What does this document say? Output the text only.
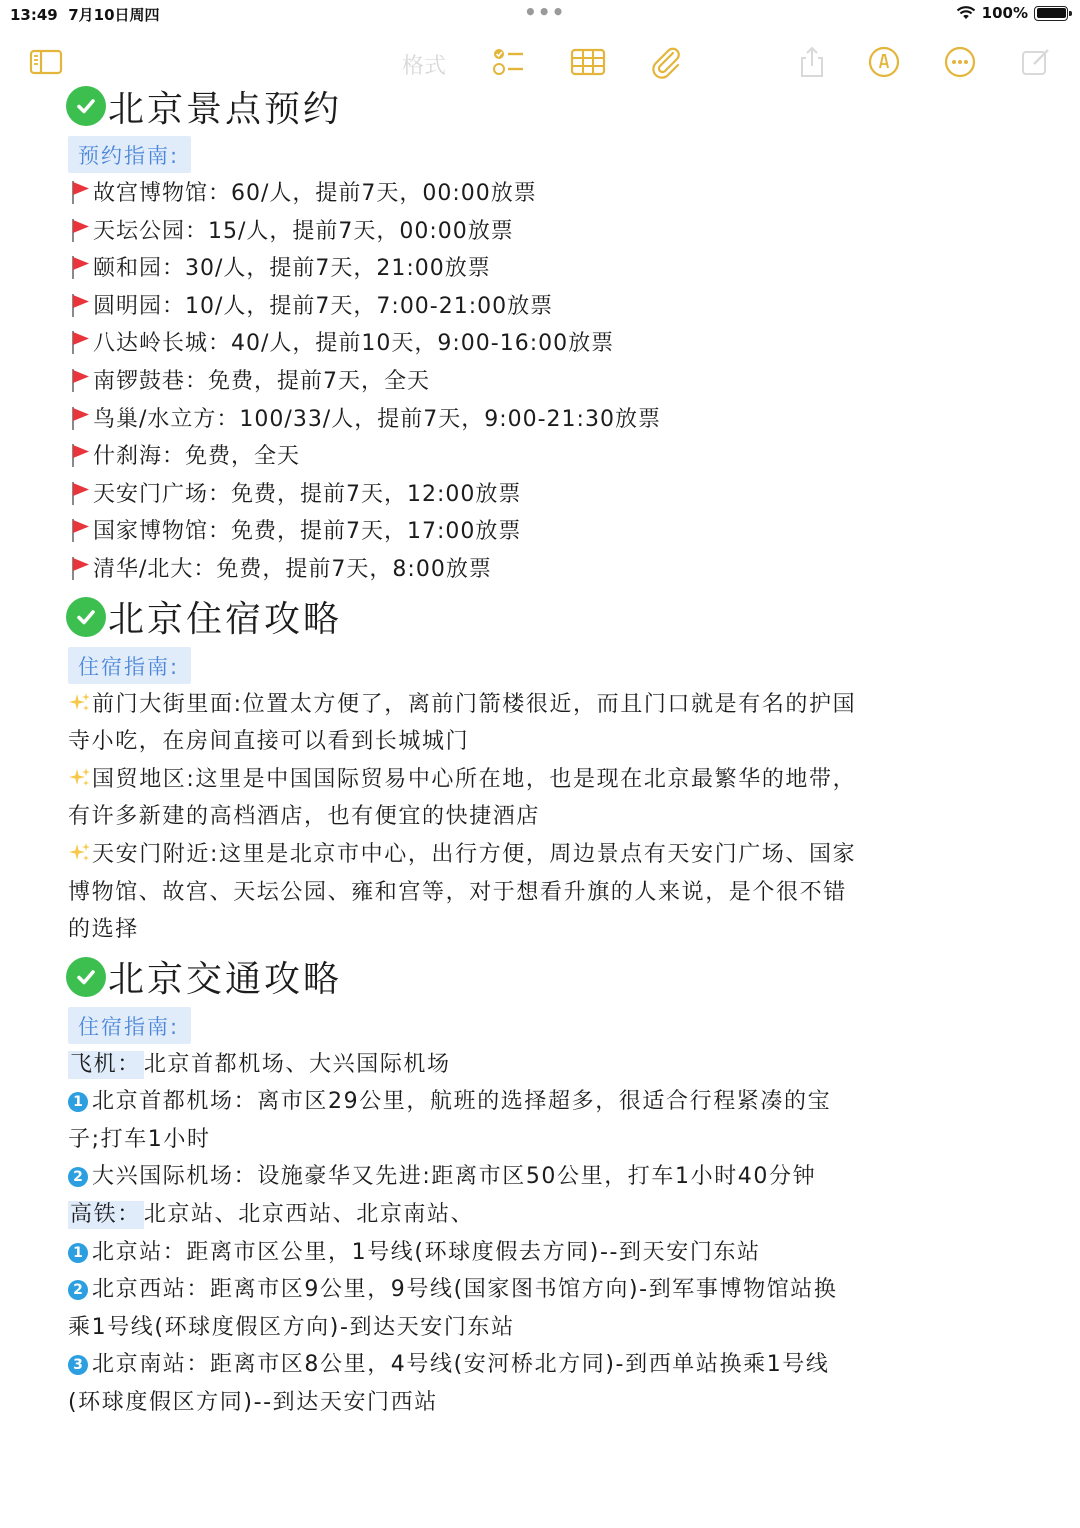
13:49 7月10日周四	•••	100%
格式
北京景点预约
预约指南:
故宫博物馆：60/人，提前7天，00:00放票
天坛公园：15/人，提前7天，00:00放票
颐和园：30/人，提前7天，21:00放票
圆明园：10/人，提前7天，7:00-21:00放票
八达岭长城：40/人，提前10天，9:00-16:00放票
南锣鼓巷：免费，提前7天，全天
鸟巢/水立方：100/33/人，提前7天，9:00-21:30放票
什刹海：免费，全天
天安门广场：免费，提前7天，12:00放票
国家博物馆：免费，提前7天，17:00放票
清华/北大：免费，提前7天，8:00放票
北京住宿攻略
住宿指南:
前门大街里面:位置太方便了，离前门箭楼很近，而且门口就是有名的护国寺小吃，在房间直接可以看到长城城门
国贸地区:这里是中国国际贸易中心所在地，也是现在北京最繁华的地带，有许多新建的高档酒店，也有便宜的快捷酒店
天安门附近:这里是北京市中心，出行方便，周边景点有天安门广场、国家博物馆、故宫、天坛公园、雍和宫等，对于想看升旗的人来说，是个很不错的选择
北京交通攻略
住宿指南:
飞机： 北京首都机场、大兴国际机场
1 北京首都机场：离市区29公里，航班的选择超多，很适合行程紧凑的宝子;打车1小时
2 大兴国际机场：设施豪华又先进:距离市区50公里，打车1小时40分钟
高铁： 北京站、北京西站、北京南站、
1 北京站：距离市区公里，1号线(环球度假去方同)--到天安门东站
2 北京西站：距离市区9公里，9号线(国家图书馆方向)-到军事博物馆站换乘1号线(环球度假区方向)-到达天安门东站
3 北京南站：距离市区8公里，4号线(安河桥北方同)-到西单站换乘1号线(环球度假区方同)--到达天安门西站
